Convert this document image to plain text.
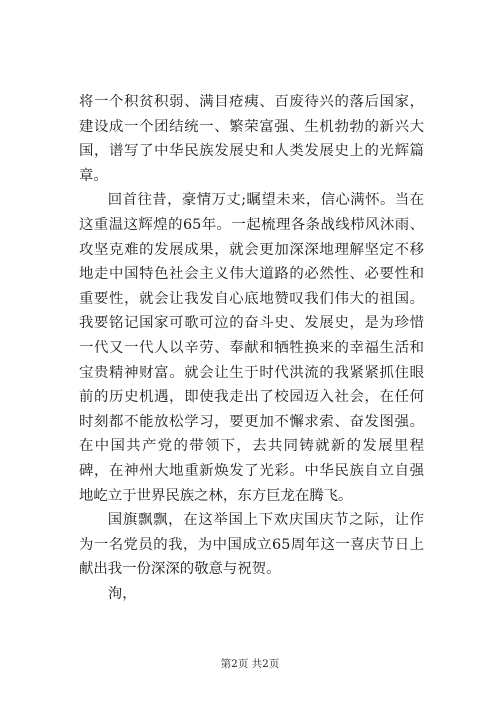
将一个积贫积弱、满目疮痍、百废待兴的落后国家，建设成一个团结统一、繁荣富强、生机勃勃的新兴大国，谱写了中华民族发展史和人类发展史上的光辉篇章。

回首往昔，豪情万丈;瞩望未来，信心满怀。当在这重温这辉煌的65年。一起梳理各条战线栉风沐雨、攻坚克难的发展成果，就会更加深深地理解坚定不移地走中国特色社会主义伟大道路的必然性、必要性和重要性，就会让我发自心底地赞叹我们伟大的祖国。我要铭记国家可歌可泣的奋斗史、发展史，是为珍惜一代又一代人以辛劳、奉献和牺牲换来的幸福生活和宝贵精神财富。就会让生于时代洪流的我紧紧抓住眼前的历史机遇，即使我走出了校园迈入社会，在任何时刻都不能放松学习，要更加不懈求索、奋发图强。在中国共产党的带领下，去共同铸就新的发展里程碑，在神州大地重新焕发了光彩。中华民族自立自强地屹立于世界民族之林，东方巨龙在腾飞。

国旗飘飘，在这举国上下欢庆国庆节之际，让作为一名党员的我，为中国成立65周年这一喜庆节日上献出我一份深深的敬意与祝贺。

洵，

第2页 共2页
